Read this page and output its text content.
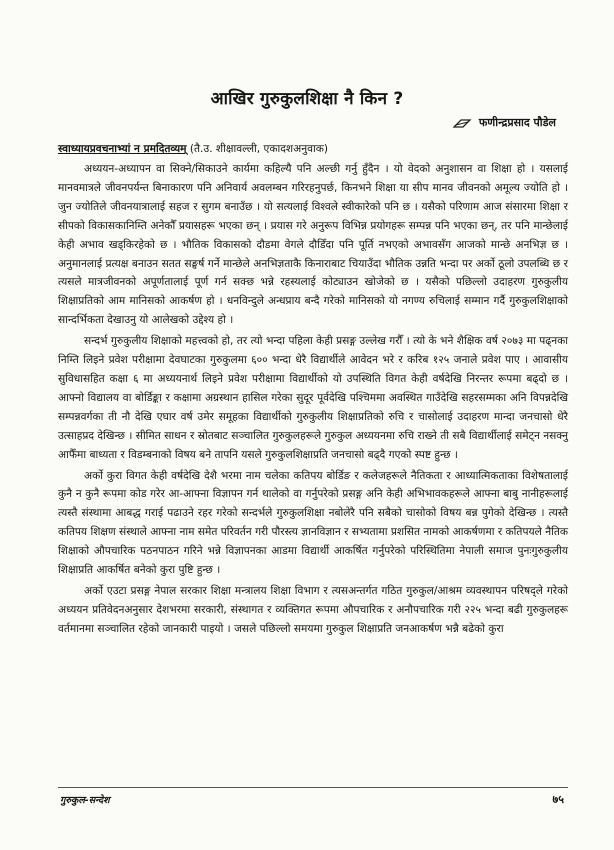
आखिर गुरुकुलशिक्षा नै किन ?
फणीन्द्रप्रसाद पौडेल
स्वाध्यायप्रवचनाभ्यां न प्रमदितव्यम् (तै.उ. शीक्षावल्ली, एकादशअनुवाक)

अध्ययन-अध्यापन वा सिक्ने/सिकाउने कार्यमा कहिल्यै पनि अल्छी गर्नु हुँदैन । यो वेदको अनुशासन वा शिक्षा हो । यसलाई मानवमात्रले जीवनपर्यन्त बिनाकारण पनि अनिवार्य अवलम्बन गरिरहनुपर्छ, किनभने शिक्षा या सीप मानव जीवनको अमूल्य ज्योति हो । जुन ज्योतिले जीवनयात्रालाई सहज र सुगम बनाउँछ । यो सत्यलाई विश्वले स्वीकारेको पनि छ । यसैको परिणाम आज संसारमा शिक्षा र सीपको विकासकानिम्ति अनेकौँ प्रयासहरू भएका छन् । प्रयास गरे अनुरूप विभिन्न प्रयोगहरू सम्पन्न पनि भएका छन्, तर पनि मान्छेलाई केही अभाव खड्किरहेको छ । भौतिक विकासको दौडमा वेगले दौडिँदा पनि पूर्ति नभएको अभावसँग आजको मान्छे अनभिज्ञ छ । अनुमानलाई प्रत्यक्ष बनाउन सतत सङ्घर्ष गर्ने मान्छेले अनभिज्ञताकै किनाराबाट चियाउँदा भौतिक उन्नति भन्दा पर अर्को ठूलो उपलब्धि छ र त्यसले मात्रजीवनको अपूर्णतालाई पूर्ण गर्न सक्छ भन्ने रहस्यलाई कोट्याउन खोजेको छ । यसैको पछिल्लो उदाहरण गुरुकुलीय शिक्षाप्रतिको आम मानिसको आकर्षण हो । धनविन्दुले अन्धप्राय बन्दै गरेको मानिसको यो नगण्य रुचिलाई सम्मान गर्दै गुरुकुलशिक्षाको सान्दर्भिकता देखाउनु यो आलेखको उद्देश्य हो ।

सन्दर्भ गुरुकुलीय शिक्षाको महत्त्वको हो, तर त्यो भन्दा पहिला केही प्रसङ्ग उल्लेख गरौँ । त्यो के भने शैक्षिक वर्ष २०७३ मा पढ्नका निम्ति लिइने प्रवेश परीक्षामा देवघाटका गुरुकुलमा ६०० भन्दा धेरै विद्यार्थीले आवेदन भरे र करिब १२५ जनाले प्रवेश पाए । आवासीय सुविधासहित कक्षा ६ मा अध्ययनार्थ लिइने प्रवेश परीक्षामा विद्यार्थीको यो उपस्थिति विगत केही वर्षदेखि निरन्तर रूपमा बढ्दो छ । आफ्नो विद्यालय वा बोर्डिङ्का र कक्षामा अग्रस्थान हासिल गरेका सुदूर पूर्वदेखि पश्चिममा अवस्थित गाउँदेखि सहरसम्मका अनि विपन्नदेखि सम्पन्नवर्गका ती नौ देखि एघार वर्ष उमेर समूहका विद्यार्थीको गुरुकुलीय शिक्षाप्रतिको रुचि र चासोलाई उदाहरण मान्दा जनचासो धेरै उत्साहप्रद देखिन्छ । सीमित साधन र स्रोतबाट सञ्चालित गुरुकुलहरूले गुरुकुल अध्ययनमा रुचि राख्ने ती सबै विद्यार्थीलाई समेट्न नसक्नु आफैँमा बाध्यता र विडम्बनाको विषय बने तापनि यसले गुरुकुलशिक्षाप्रति जनचासो बढ्दै गएको स्पष्ट हुन्छ ।

अर्को कुरा विगत केही वर्षदेखि देशै भरमा नाम चलेका कतिपय बोर्डिङ र कलेजहरूले नैतिकता र आध्यात्मिकताका विशेषतालाई कुनै न कुनै रूपमा कोड गरेर आ-आफ्ना विज्ञापन गर्न थालेको वा गर्नुपरेको प्रसङ्ग अनि केही अभिभावकहरूले आफ्ना बाबु नानीहरूलाई त्यस्तै संस्थामा आबद्ध गराई पढाउने रहर गरेको सन्दर्भले गुरुकुलशिक्षा नबोलेरै पनि सबैको चासोको विषय बन्न पुगेको देखिन्छ । त्यस्तै कतिपय शिक्षण संस्थाले आफ्ना नाम समेत परिवर्तन गरी पौरस्त्य ज्ञानविज्ञान र सभ्यतामा प्रशसित नामको आकर्षणमा र कतिपयले नैतिक शिक्षाको औपचारिक पठनपाठन गरिने भन्ने विज्ञापनका आडमा विद्यार्थी आकर्षित गर्नुपरेको परिस्थितिमा नेपाली समाज पुनःगुरुकुलीय शिक्षाप्रति आकर्षित बनेको कुरा पुष्टि हुन्छ ।

अर्को एउटा प्रसङ्ग नेपाल सरकार शिक्षा मन्त्रालय शिक्षा विभाग र त्यसअन्तर्गत गठित गुरुकुल/आश्रम व्यवस्थापन परिषद्ले गरेको अध्ययन प्रतिवेदनअनुसार देशभरमा सरकारी, संस्थागत र व्यक्तिगत रूपमा औपचारिक र अनौपचारिक गरी २२५ भन्दा बढी गुरुकुलहरू वर्तमानमा सञ्चालित रहेको जानकारी पाइयो । जसले पछिल्लो समयमा गुरुकुल शिक्षाप्रति जनआकर्षण भन्नै बढेको कुरा

गुरुकुल-सन्देश	७५
